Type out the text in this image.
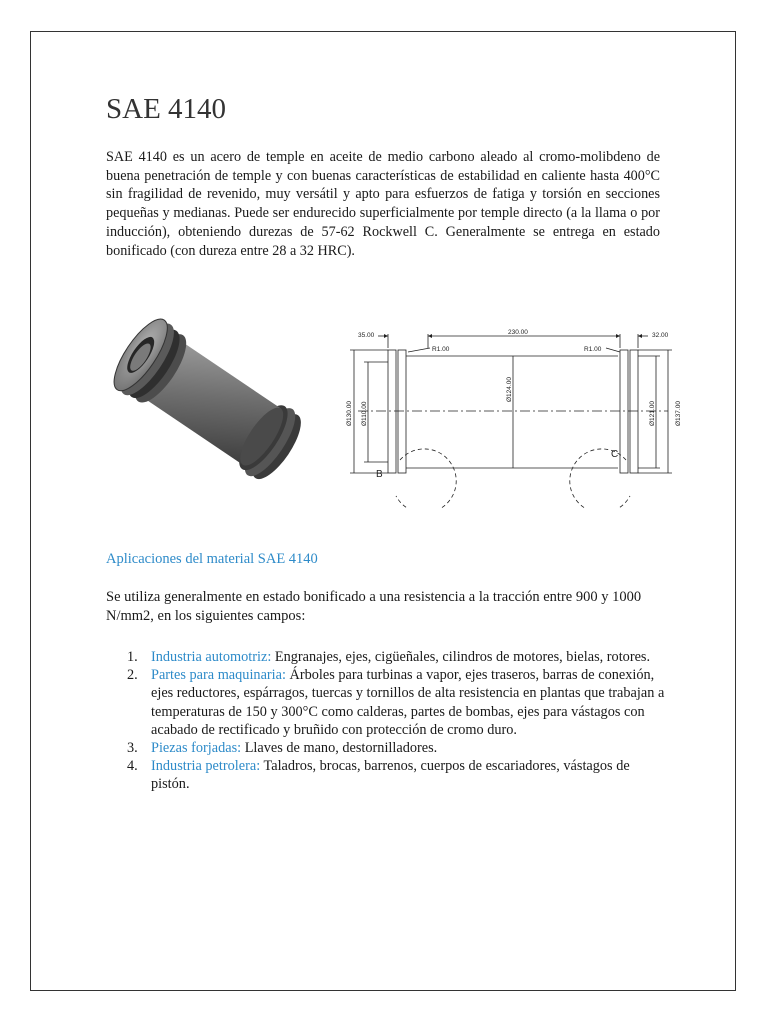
SAE 4140

SAE 4140 es un acero de temple en aceite de medio carbono aleado al cromo-molibdeno de buena penetración de temple y con buenas características de estabilidad en caliente hasta 400°C sin fragilidad de revenido, muy versátil y apto para esfuerzos de fatiga y torsión en secciones pequeñas y medianas. Puede ser endurecido superficialmente por temple directo (a la llama o por inducción), obteniendo durezas de 57-62 Rockwell C. Generalmente se entrega en estado bonificado (con dureza entre 28 a 32 HRC).

35.00	230.00	32.00
R1.00	R1.00
Ø130.00 Ø110.00
Ø124.00
Ø121.00	Ø137.00
B
C
Aplicaciones del material SAE 4140

Se utiliza generalmente en estado bonificado a una resistencia a la tracción entre 900 y 1000 N/mm2, en los siguientes campos:

1. Industria automotriz: Engranajes, ejes, cigüeñales, cilindros de motores, bielas, rotores.
2. Partes para maquinaria: Árboles para turbinas a vapor, ejes traseros, barras de conexión, ejes reductores, espárragos, tuercas y tornillos de alta resistencia en plantas que trabajan a temperaturas de 150 y 300°C como calderas, partes de bombas, ejes para vástagos con acabado de rectificado y bruñido con protección de cromo duro.
3. Piezas forjadas: Llaves de mano, destornilladores.
4. Industria petrolera: Taladros, brocas, barrenos, cuerpos de escariadores, vástagos de pistón.
